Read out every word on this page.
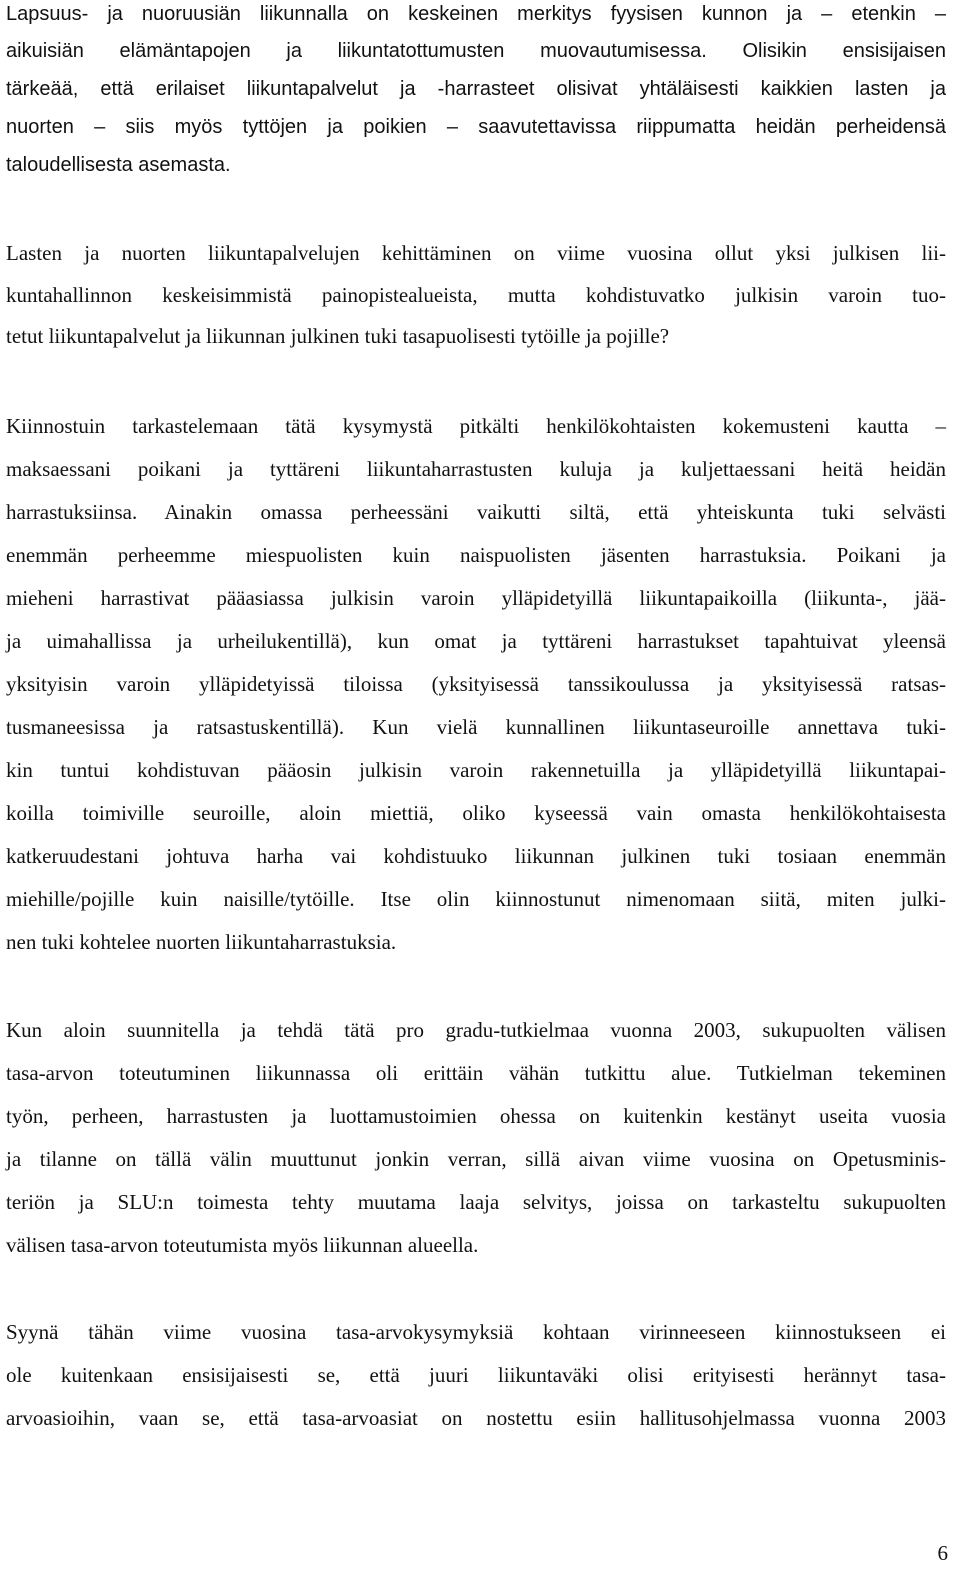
Lapsuus- ja nuoruusiän liikunnalla on keskeinen merkitys fyysisen kunnon ja – etenkin –
aikuisiän elämäntapojen ja liikuntatottumusten muovautumisessa. Olisikin ensisijaisen
tärkeää, että erilaiset liikuntapalvelut ja -harrasteet olisivat yhtäläisesti kaikkien lasten ja
nuorten – siis myös tyttöjen ja poikien – saavutettavissa riippumatta heidän perheidensä
taloudellisesta asemasta.
Lasten ja nuorten liikuntapalvelujen kehittäminen on viime vuosina ollut yksi julkisen lii-
kuntahallinnon keskeisimmistä painopistealueista, mutta kohdistuvatko julkisin varoin tuo-
tetut liikuntapalvelut ja liikunnan julkinen tuki tasapuolisesti tytöille ja pojille?
Kiinnostuin tarkastelemaan tätä kysymystä pitkälti henkilökohtaisten kokemusteni kautta –
maksaessani poikani ja tyttäreni liikuntaharrastusten kuluja ja kuljettaessani heitä heidän
harrastuksiinsa. Ainakin omassa perheessäni vaikutti siltä, että yhteiskunta tuki selvästi
enemmän perheemme miespuolisten kuin naispuolisten jäsenten harrastuksia. Poikani ja
mieheni harrastivat pääasiassa julkisin varoin ylläpidetyillä liikuntapaikoilla (liikunta-, jää-
ja uimahallissa ja urheilukentillä), kun omat ja tyttäreni harrastukset tapahtuivat yleensä
yksityisin varoin ylläpidetyissä tiloissa (yksityisessä tanssikoulussa ja yksityisessä ratsas-
tusmaneesissa ja ratsastuskentillä). Kun vielä kunnallinen liikuntaseuroille annettava tuki-
kin tuntui kohdistuvan pääosin julkisin varoin rakennetuilla ja ylläpidetyillä liikuntapai-
koilla toimiville seuroille, aloin miettiä, oliko kyseessä vain omasta henkilökohtaisesta
katkeruudestani johtuva harha vai kohdistuuko liikunnan julkinen tuki tosiaan enemmän
miehille/pojille kuin naisille/tytöille. Itse olin kiinnostunut nimenomaan siitä, miten julki-
nen tuki kohtelee nuorten liikuntaharrastuksia.
Kun aloin suunnitella ja tehdä tätä pro gradu-tutkielmaa vuonna 2003, sukupuolten välisen
tasa-arvon toteutuminen liikunnassa oli erittäin vähän tutkittu alue. Tutkielman tekeminen
työn, perheen, harrastusten ja luottamustoimien ohessa on kuitenkin kestänyt useita vuosia
ja tilanne on tällä välin muuttunut jonkin verran, sillä aivan viime vuosina on Opetusminis-
teriön ja SLU:n toimesta tehty muutama laaja selvitys, joissa on tarkasteltu sukupuolten
välisen tasa-arvon toteutumista myös liikunnan alueella.
Syynä tähän viime vuosina tasa-arvokysymyksiä kohtaan virinneeseen kiinnostukseen ei
ole kuitenkaan ensisijaisesti se, että juuri liikuntaväki olisi erityisesti herännyt tasa-
arvoasioihin, vaan se, että tasa-arvoasiat on nostettu esiin hallitusohjelmassa vuonna 2003
6
